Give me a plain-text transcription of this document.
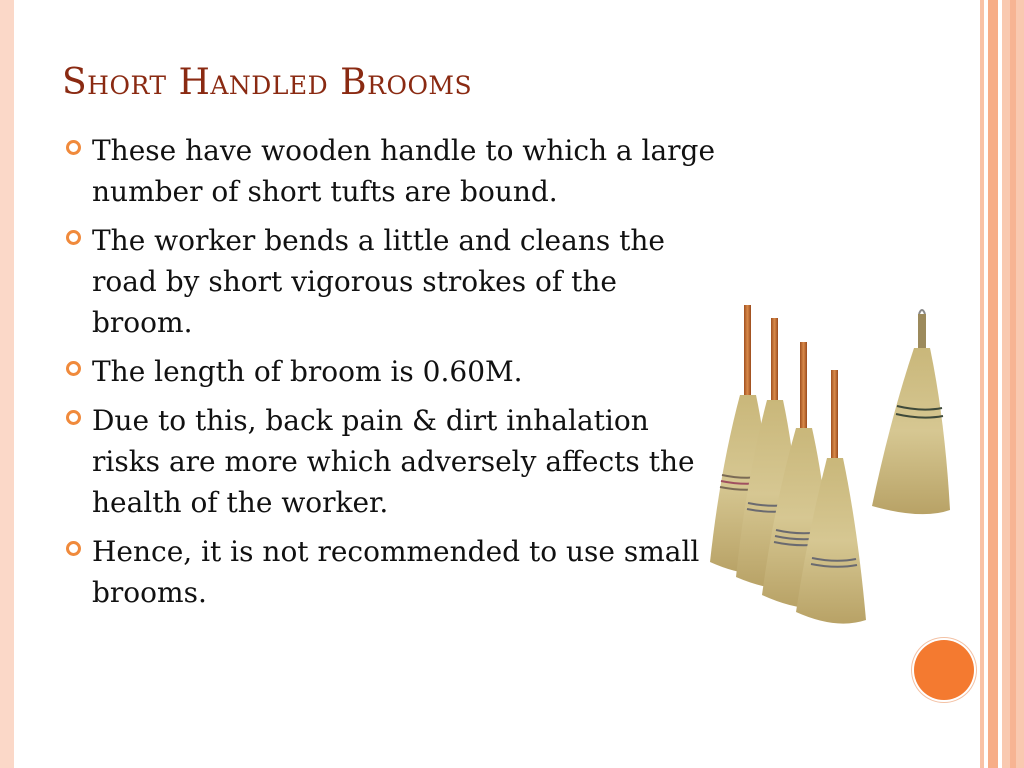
Short Handled Brooms
These have wooden handle to which a large number of short tufts are bound.
The worker bends a little and cleans the road by short vigorous strokes of the broom.
The length of broom is 0.60M.
Due to this, back pain & dirt inhalation risks are more which adversely affects the health of the worker.
Hence, it is not recommended to use small brooms.
